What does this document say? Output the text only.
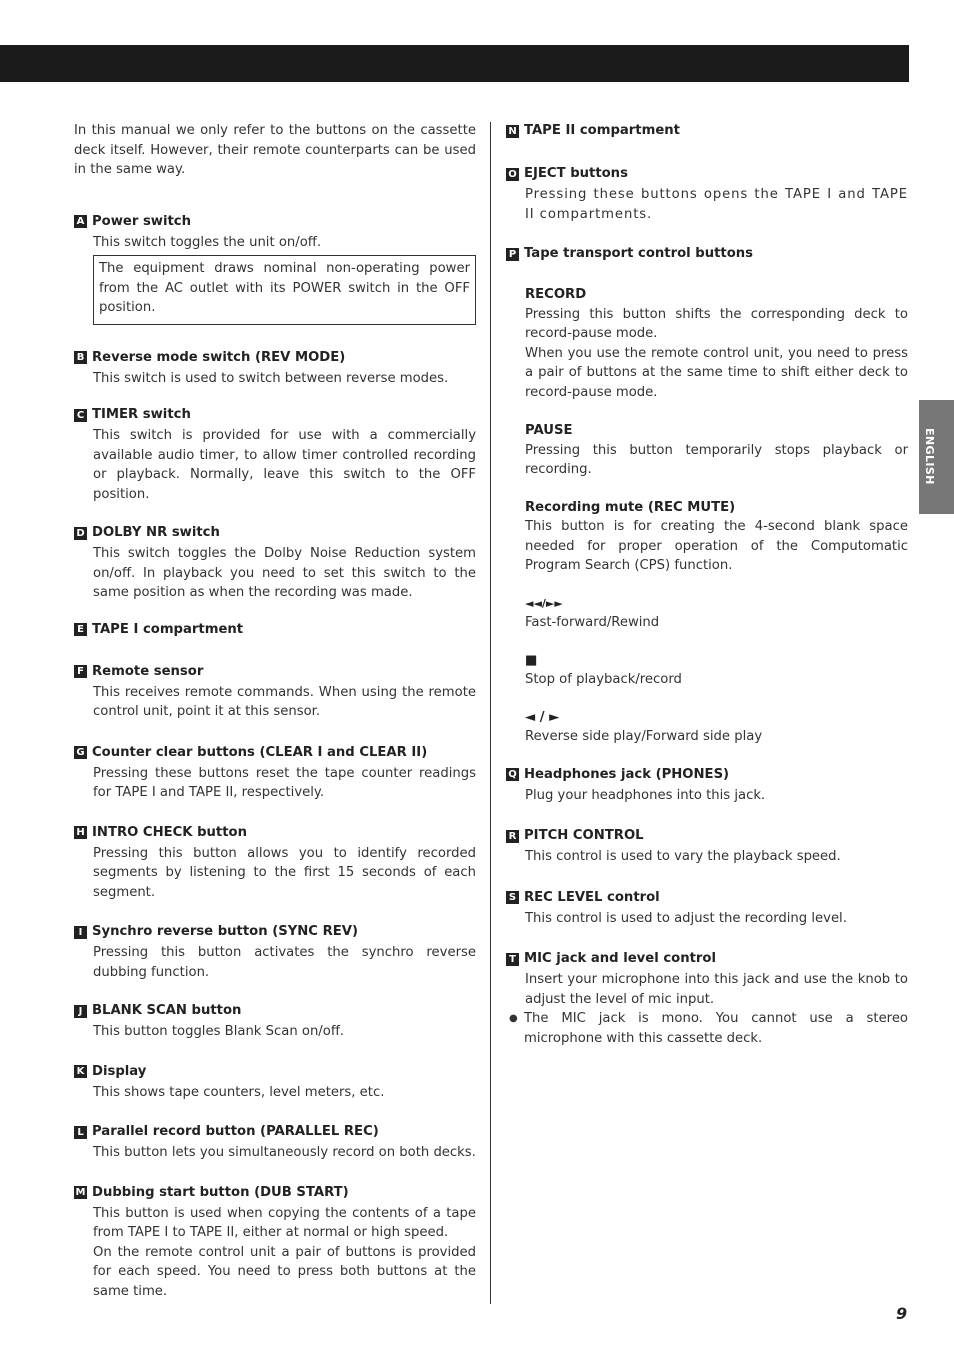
ENGLISH
In this manual we only refer to the buttons on the cassette deck itself. However, their remote counterparts can be used in the same way.
A Power switch

This switch toggles the unit on/off.

The equipment draws nominal non-operating power from the AC outlet with its POWER switch in the OFF position.
B Reverse mode switch (REV MODE)

This switch is used to switch between reverse modes.

C TIMER switch

This switch is provided for use with a commercially available audio timer, to allow timer controlled recording or playback. Normally, leave this switch to the OFF position.

D DOLBY NR switch

This switch toggles the Dolby Noise Reduction system on/off. In playback you need to set this switch to the same position as when the recording was made.

E TAPE I compartment
F Remote sensor

This receives remote commands. When using the remote control unit, point it at this sensor.

G Counter clear buttons (CLEAR I and CLEAR II)

Pressing these buttons reset the tape counter readings for TAPE I and TAPE II, respectively.

H INTRO CHECK button

Pressing this button allows you to identify recorded segments by listening to the first 15 seconds of each segment.

I Synchro reverse button (SYNC REV)

Pressing this button activates the synchro reverse dubbing function.

J BLANK SCAN button

This button toggles Blank Scan on/off.

K Display

This shows tape counters, level meters, etc.

L Parallel record button (PARALLEL REC)

This button lets you simultaneously record on both decks.

M Dubbing start button (DUB START)

This button is used when copying the contents of a tape from TAPE I to TAPE II, either at normal or high speed.

On the remote control unit a pair of buttons is provided for each speed. You need to press both buttons at the same time.

N TAPE II compartment
O EJECT buttons
Pressing these buttons opens the TAPE I and TAPE II compartments.
P Tape transport control buttons
RECORD

Pressing this button shifts the corresponding deck to record-pause mode.

When you use the remote control unit, you need to press a pair of buttons at the same time to shift either deck to record-pause mode.

PAUSE

Pressing this button temporarily stops playback or recording.

Recording mute (REC MUTE)

This button is for creating the 4-second blank space needed for proper operation of the Computomatic Program Search (CPS) function.

◄◄/►►

Fast-forward/Rewind

■

Stop of playback/record

◄ / ►

Reverse side play/Forward side play

Q Headphones jack (PHONES)
Plug your headphones into this jack.
R PITCH CONTROL
This control is used to vary the playback speed.
S REC LEVEL control
This control is used to adjust the recording level.
T MIC jack and level control
Insert your microphone into this jack and use the knob to adjust the level of mic input.
● The MIC jack is mono. You cannot use a stereo microphone with this cassette deck.
9
